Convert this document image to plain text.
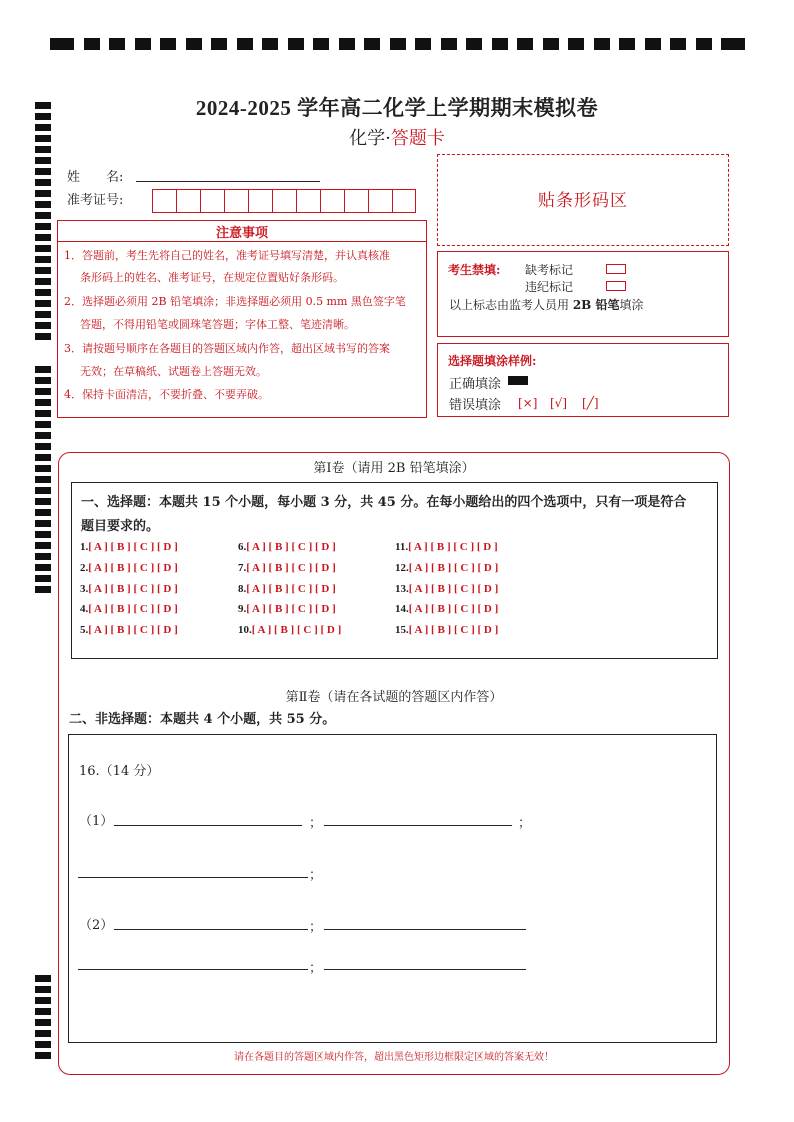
2024-2025 学年高二化学上学期期末模拟卷
化学·答题卡
姓　　名:
准考证号:	贴条形码区
注意事项
1．答题前，考生先将自己的姓名，准考证号填写清楚，并认真核准
条形码上的姓名、准考证号，在规定位置贴好条形码。
2．选择题必须用 2B 铅笔填涂；非选择题必须用 0.5 mm 黑色签字笔
答题，不得用铅笔或圆珠笔答题；字体工整、笔迹清晰。
3．请按题号顺序在各题目的答题区域内作答，超出区域书写的答案
无效；在草稿纸、试题卷上答题无效。
4．保持卡面清洁，不要折叠、不要弄破。
考生禁填: 缺考标记
违纪标记
以上标志由监考人员用 2B 铅笔填涂
选择题填涂样例:
正确填涂
错误填涂 [×] [√] [╱]
第Ⅰ卷（请用 2B 铅笔填涂）
一、选择题：本题共 15 个小题，每小题 3 分，共 45 分。在每小题给出的四个选项中，只有一项是符合
题目要求的。
1.[ A ] [ B ] [ C ] [ D ]
2.[ A ] [ B ] [ C ] [ D ]
3.[ A ] [ B ] [ C ] [ D ]
4.[ A ] [ B ] [ C ] [ D ]
5.[ A ] [ B ] [ C ] [ D ]
6.[ A ] [ B ] [ C ] [ D ]
7.[ A ] [ B ] [ C ] [ D ]
8.[ A ] [ B ] [ C ] [ D ]
9.[ A ] [ B ] [ C ] [ D ]
10.[ A ] [ B ] [ C ] [ D ]
11.[ A ] [ B ] [ C ] [ D ]
12.[ A ] [ B ] [ C ] [ D ]
13.[ A ] [ B ] [ C ] [ D ]
14.[ A ] [ B ] [ C ] [ D ]
15.[ A ] [ B ] [ C ] [ D ]
第Ⅱ卷（请在各试题的答题区内作答）
二、非选择题：本题共 4 个小题，共 55 分。
16.（14 分）
（1）	；	；
；
（2）	；
；
请在各题目的答题区域内作答，超出黑色矩形边框限定区域的答案无效！
